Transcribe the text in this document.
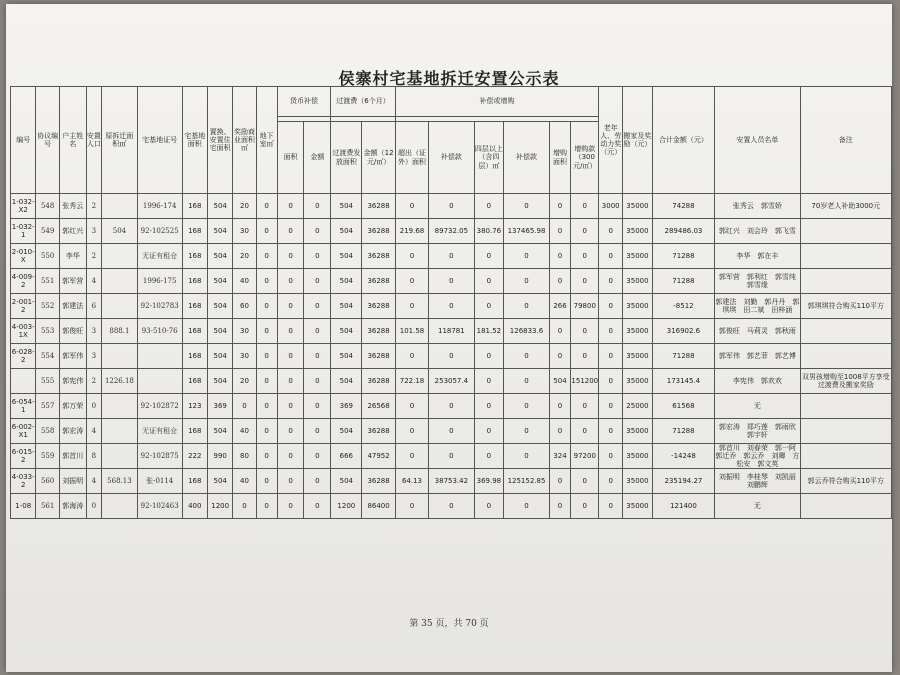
侯寨村宅基地拆迁安置公示表
编号	协议编号	户主姓名	安置人口	原拆迁面积㎡	宅基地证号	宅基地面积	置换、安置住宅面积	奖励商业面积㎡	地下室㎡	货币补偿		过渡费（6个月）		补偿或增购						老年人、劳动力奖（元）	搬家及奖励（元）	合计金额（元）	安置人员名单	备注

										面积	金额	过渡费发放面积	金额（12元/㎡）	超出（证外）面积	补偿款	四层以上（含四层）㎡	补偿款	增购面积	增购款（300元/㎡）					
1-032-X2	548	张秀云	2		1996-174	168	504	20	0	0	0	504	36288	0	0	0	0	0	0	3000	35000	74288	张秀云　郭雪娇	70岁老人补助3000元
1-032-1	549	郭红兴	3	504	92-102525	168	504	30	0	0	0	504	36288	219.68	89732.05	380.76	137465.98	0	0	0	35000	289486.03	郭红兴　刘会玲　郭飞雪	
2-010-X	550	李华	2		无证有租仓	168	504	20	0	0	0	504	36288	0	0	0	0	0	0	0	35000	71288	李华　郭在丰	
4-009-2	551	郭军营	4		1996-175	168	504	40	0	0	0	504	36288	0	0	0	0	0	0	0	35000	71288	郭军营　郭利红　郭雪纯 郭雪缘	
2-001-2	552	郭建法	6		92-102783	168	504	60	0	0	0	504	36288	0	0	0	0	266	79800	0	35000	-8512	郭建法　刘勤　郭丹丹　郭琪琪　田二斌　田梓涵	郭琪琪符合购买110平方
4-003-1X	553	郭俊旺	3	888.1	93-510-76	168	504	30	0	0	0	504	36288	101.58	118781	181.52	126833.6	0	0	0	35000	316902.6	郭俊旺　马莉灵　郭秋雨	
6-028-2	554	郭军伟	3			168	504	30	0	0	0	504	36288	0	0	0	0	0	0	0	35000	71288	郭军伟　郭艺菲　郭艺博	
	555	郭宪伟	2	1226.18		168	504	20	0	0	0	504	36288	722.18	253057.4	0	0	504	151200	0	35000	173145.4	李宪伟　郭欢欢	双男孩增购至1008平方享受过渡费及搬家奖励
6-054-1	557	郭万荣	0		92-102872	123	369	0	0	0	0	369	26568	0	0	0	0	0	0	0	25000	61568	无	
6-002-X1	558	郭宏涛	4		无证有租仓	168	504	40	0	0	0	504	36288	0	0	0	0	0	0	0	35000	71288	郭宏涛　郑巧莲　郭雨欣　郭宇轩	
6-015-2	559	郭首川	8		92-102875	222	990	80	0	0	0	666	47952	0	0	0	0	324	97200	0	35000	-14248	郭首川　刘春荣　郭一阿　郭迁乔　郭云乔　刘卿　方松安　郭文英	
4-033-2	560	刘振明	4	568.13	张-0114	168	504	40	0	0	0	504	36288	64.13	38753.42	369.98	125152.85	0	0	0	35000	235194.27	刘振明　李桂琴　刘凯丽　刘鹏辉	郭云乔符合购买110平方
1-08	561	郭海涛	0		92-102463	400	1200	0	0	0	0	1200	86400	0	0	0	0	0	0	0	35000	121400	无	
第 35 页，共 70 页
